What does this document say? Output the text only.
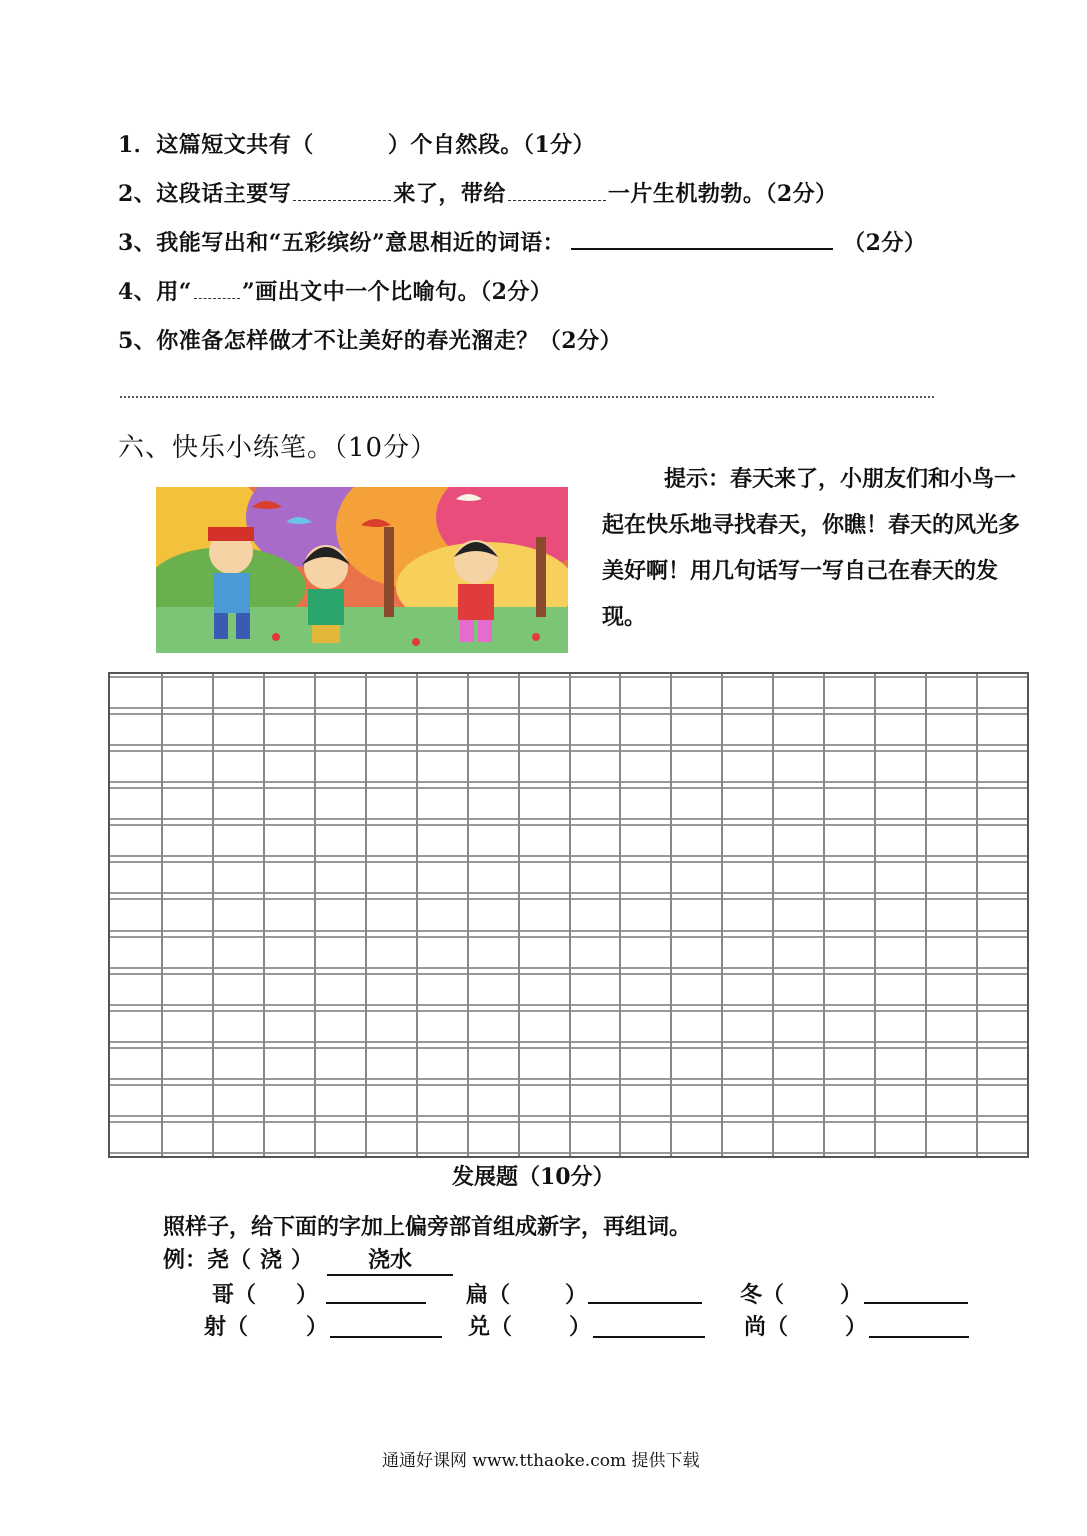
1．这篇短文共有（	）个自然段。（1分）
2、这段话主要写	来了，带给	一片生机勃勃。（2分）
3、我能写出和“五彩缤纷”意思相近的词语：	（2分）
4、用“ ”画出文中一个比喻句。（2分）
5、你准备怎样做才不让美好的春光溜走？（2分）
六、快乐小练笔。（10分）
提示：春天来了，小朋友们和小鸟一起在快乐地寻找春天，你瞧！春天的风光多美好啊！用几句话写一写自己在春天的发现。
发展题（10分）
照样子，给下面的字加上偏旁部首组成新字，再组词。
例：尧（ 浇 ） 浇水
哥（ ）	扁（ ）	冬（	）
射（	）	兑（	）	尚（	）
通通好课网 www.tthaoke.com 提供下载
